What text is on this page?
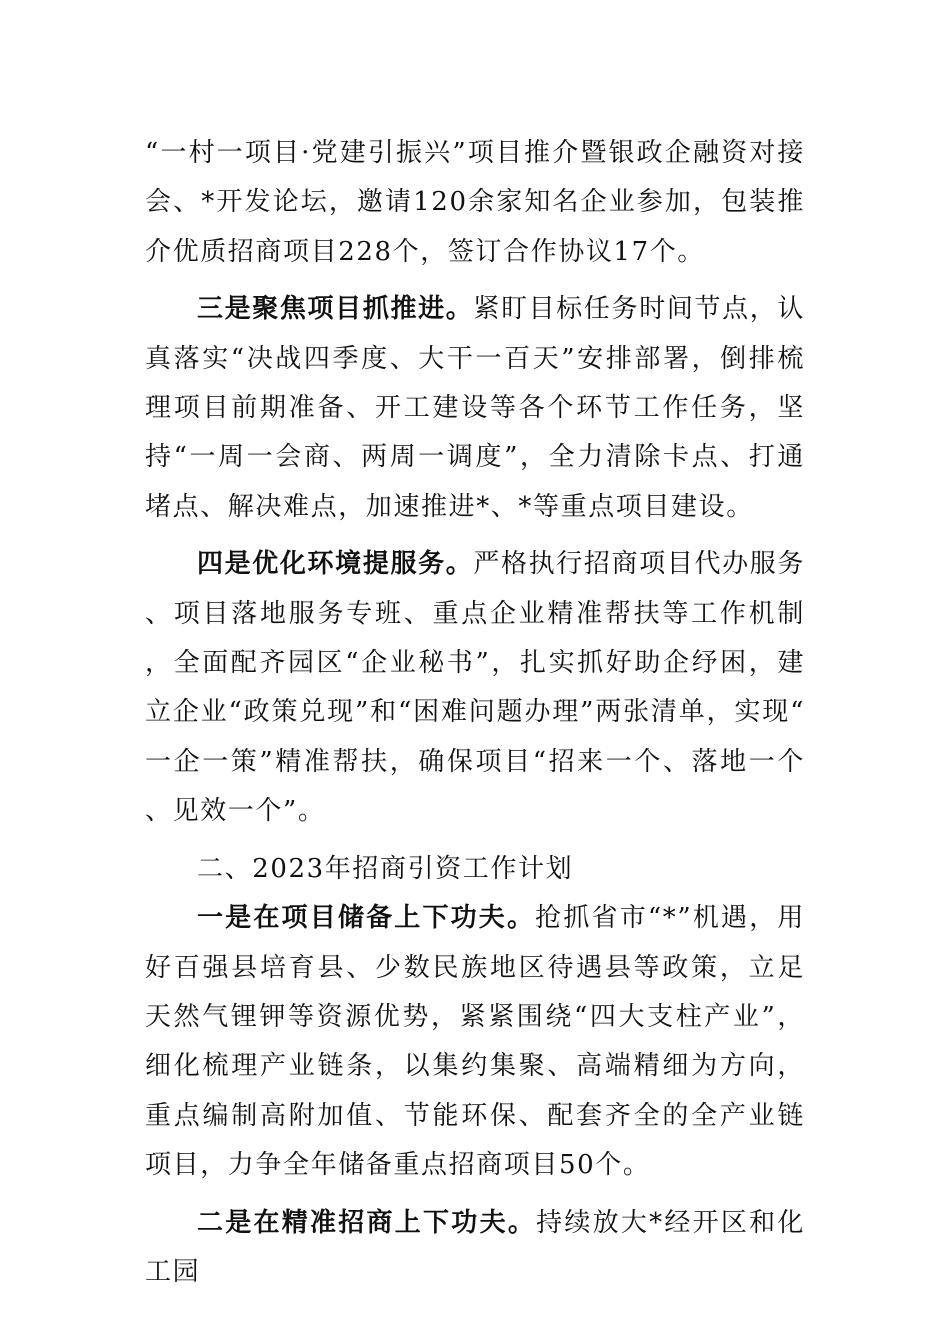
“一村一项目·党建引振兴”项目推介暨银政企融资对接会、*开发论坛，邀请120余家知名企业参加，包装推介优质招商项目228个，签订合作协议17个。

三是聚焦项目抓推进。紧盯目标任务时间节点，认真落实“决战四季度、大干一百天”安排部署，倒排梳理项目前期准备、开工建设等各个环节工作任务，坚持“一周一会商、两周一调度”，全力清除卡点、打通堵点、解决难点，加速推进*、*等重点项目建设。

四是优化环境提服务。严格执行招商项目代办服务、项目落地服务专班、重点企业精准帮扶等工作机制，全面配齐园区“企业秘书”，扎实抓好助企纾困，建立企业“政策兑现”和“困难问题办理”两张清单，实现“一企一策”精准帮扶，确保项目“招来一个、落地一个、见效一个”。

二、2023年招商引资工作计划

一是在项目储备上下功夫。抢抓省市“*”机遇，用好百强县培育县、少数民族地区待遇县等政策，立足天然气锂钾等资源优势，紧紧围绕“四大支柱产业”，细化梳理产业链条，以集约集聚、高端精细为方向，重点编制高附加值、节能环保、配套齐全的全产业链项目，力争全年储备重点招商项目50个。

二是在精准招商上下功夫。持续放大*经开区和化工园
